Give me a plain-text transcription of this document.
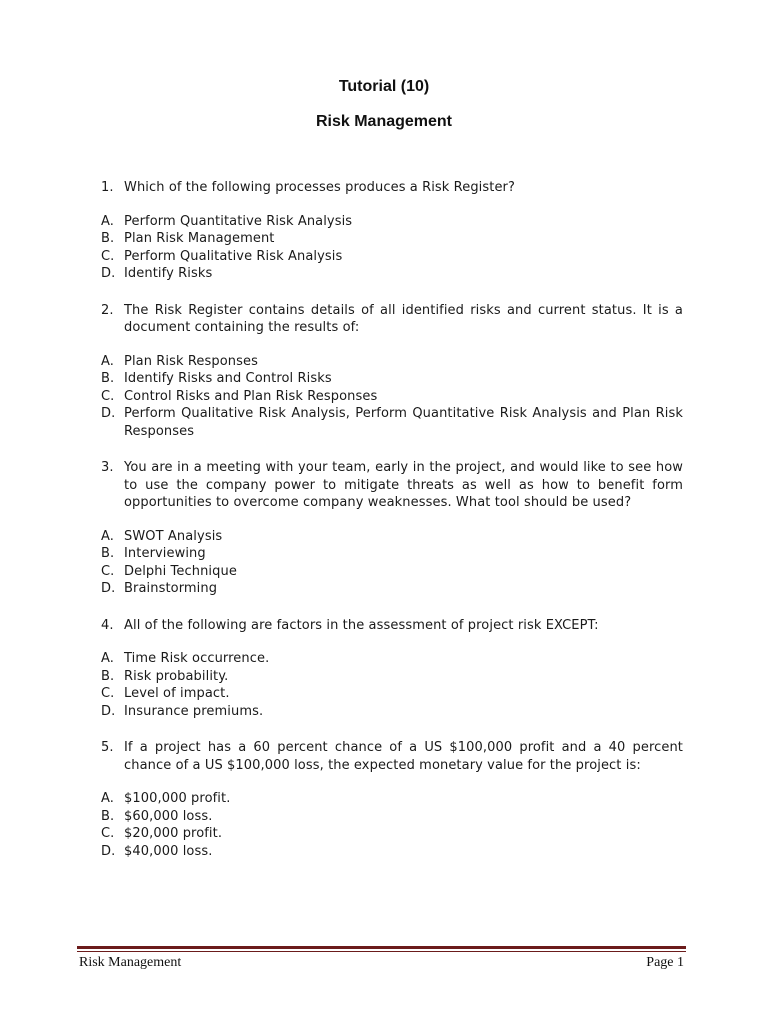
Tutorial (10)
Risk Management
1. Which of the following processes produces a Risk Register?
A. Perform Quantitative Risk Analysis
B. Plan Risk Management
C. Perform Qualitative Risk Analysis
D. Identify Risks
2. The Risk Register contains details of all identified risks and current status. It is a document containing the results of:
A. Plan Risk Responses
B. Identify Risks and Control Risks
C. Control Risks and Plan Risk Responses
D. Perform Qualitative Risk Analysis, Perform Quantitative Risk Analysis and Plan Risk Responses
3. You are in a meeting with your team, early in the project, and would like to see how to use the company power to mitigate threats as well as how to benefit form opportunities to overcome company weaknesses. What tool should be used?
A. SWOT Analysis
B. Interviewing
C. Delphi Technique
D. Brainstorming
4. All of the following are factors in the assessment of project risk EXCEPT:
A. Time Risk occurrence.
B. Risk probability.
C. Level of impact.
D. Insurance premiums.
5. If a project has a 60 percent chance of a US $100,000 profit and a 40 percent chance of a US $100,000 loss, the expected monetary value for the project is:
A. $100,000 profit.
B. $60,000 loss.
C. $20,000 profit.
D. $40,000 loss.
Risk Management	Page 1
